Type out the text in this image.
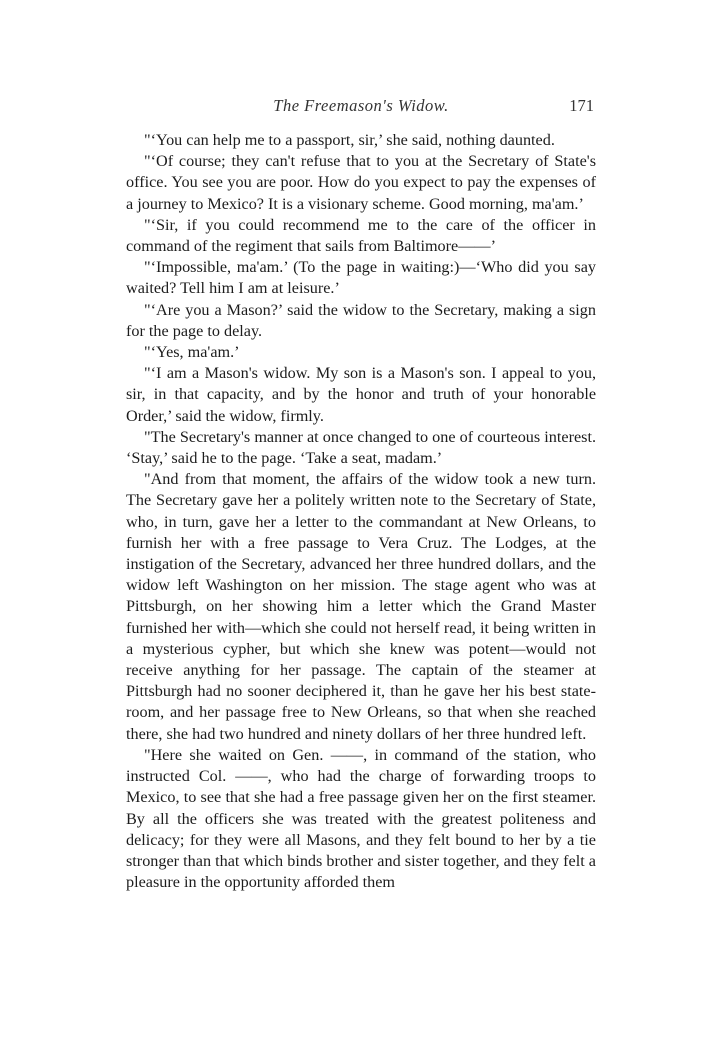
The Freemason's Widow.	171

"‘You can help me to a passport, sir,’ she said, nothing daunted.

"‘Of course; they can't refuse that to you at the Secretary of State's office. You see you are poor. How do you expect to pay the expenses of a journey to Mexico? It is a visionary scheme. Good morning, ma'am.’

"‘Sir, if you could recommend me to the care of the officer in command of the regiment that sails from Baltimore——’

"‘Impossible, ma'am.’ (To the page in waiting:)—‘Who did you say waited? Tell him I am at leisure.’

"‘Are you a Mason?’ said the widow to the Secretary, making a sign for the page to delay.

"‘Yes, ma'am.’

"‘I am a Mason's widow. My son is a Mason's son. I appeal to you, sir, in that capacity, and by the honor and truth of your honorable Order,’ said the widow, firmly.

"The Secretary's manner at once changed to one of courteous interest. ‘Stay,’ said he to the page. ‘Take a seat, madam.’

"And from that moment, the affairs of the widow took a new turn. The Secretary gave her a politely written note to the Secretary of State, who, in turn, gave her a letter to the commandant at New Orleans, to furnish her with a free passage to Vera Cruz. The Lodges, at the instigation of the Secretary, advanced her three hundred dollars, and the widow left Washington on her mission. The stage agent who was at Pittsburgh, on her showing him a letter which the Grand Master furnished her with—which she could not herself read, it being written in a mysterious cypher, but which she knew was potent—would not receive anything for her passage. The captain of the steamer at Pittsburgh had no sooner deciphered it, than he gave her his best state-room, and her passage free to New Orleans, so that when she reached there, she had two hundred and ninety dollars of her three hundred left.

"Here she waited on Gen. ——, in command of the station, who instructed Col. ——, who had the charge of forwarding troops to Mexico, to see that she had a free passage given her on the first steamer. By all the officers she was treated with the greatest politeness and delicacy; for they were all Masons, and they felt bound to her by a tie stronger than that which binds brother and sister together, and they felt a pleasure in the opportunity afforded them
